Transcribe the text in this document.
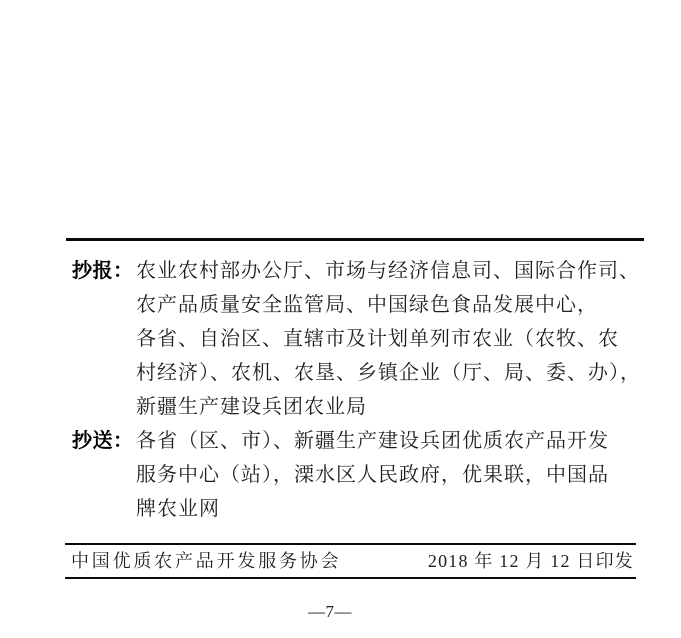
抄报： 农业农村部办公厅、市场与经济信息司、国际合作司、
农产品质量安全监管局、中国绿色食品发展中心，
各省、自治区、直辖市及计划单列市农业（农牧、农
村经济）、农机、农垦、乡镇企业（厅、局、委、办），
新疆生产建设兵团农业局
抄送： 各省（区、市）、新疆生产建设兵团优质农产品开发
服务中心（站），溧水区人民政府，优果联，中国品
牌农业网
中国优质农产品开发服务协会	2018 年 12 月 12 日印发
—7—
